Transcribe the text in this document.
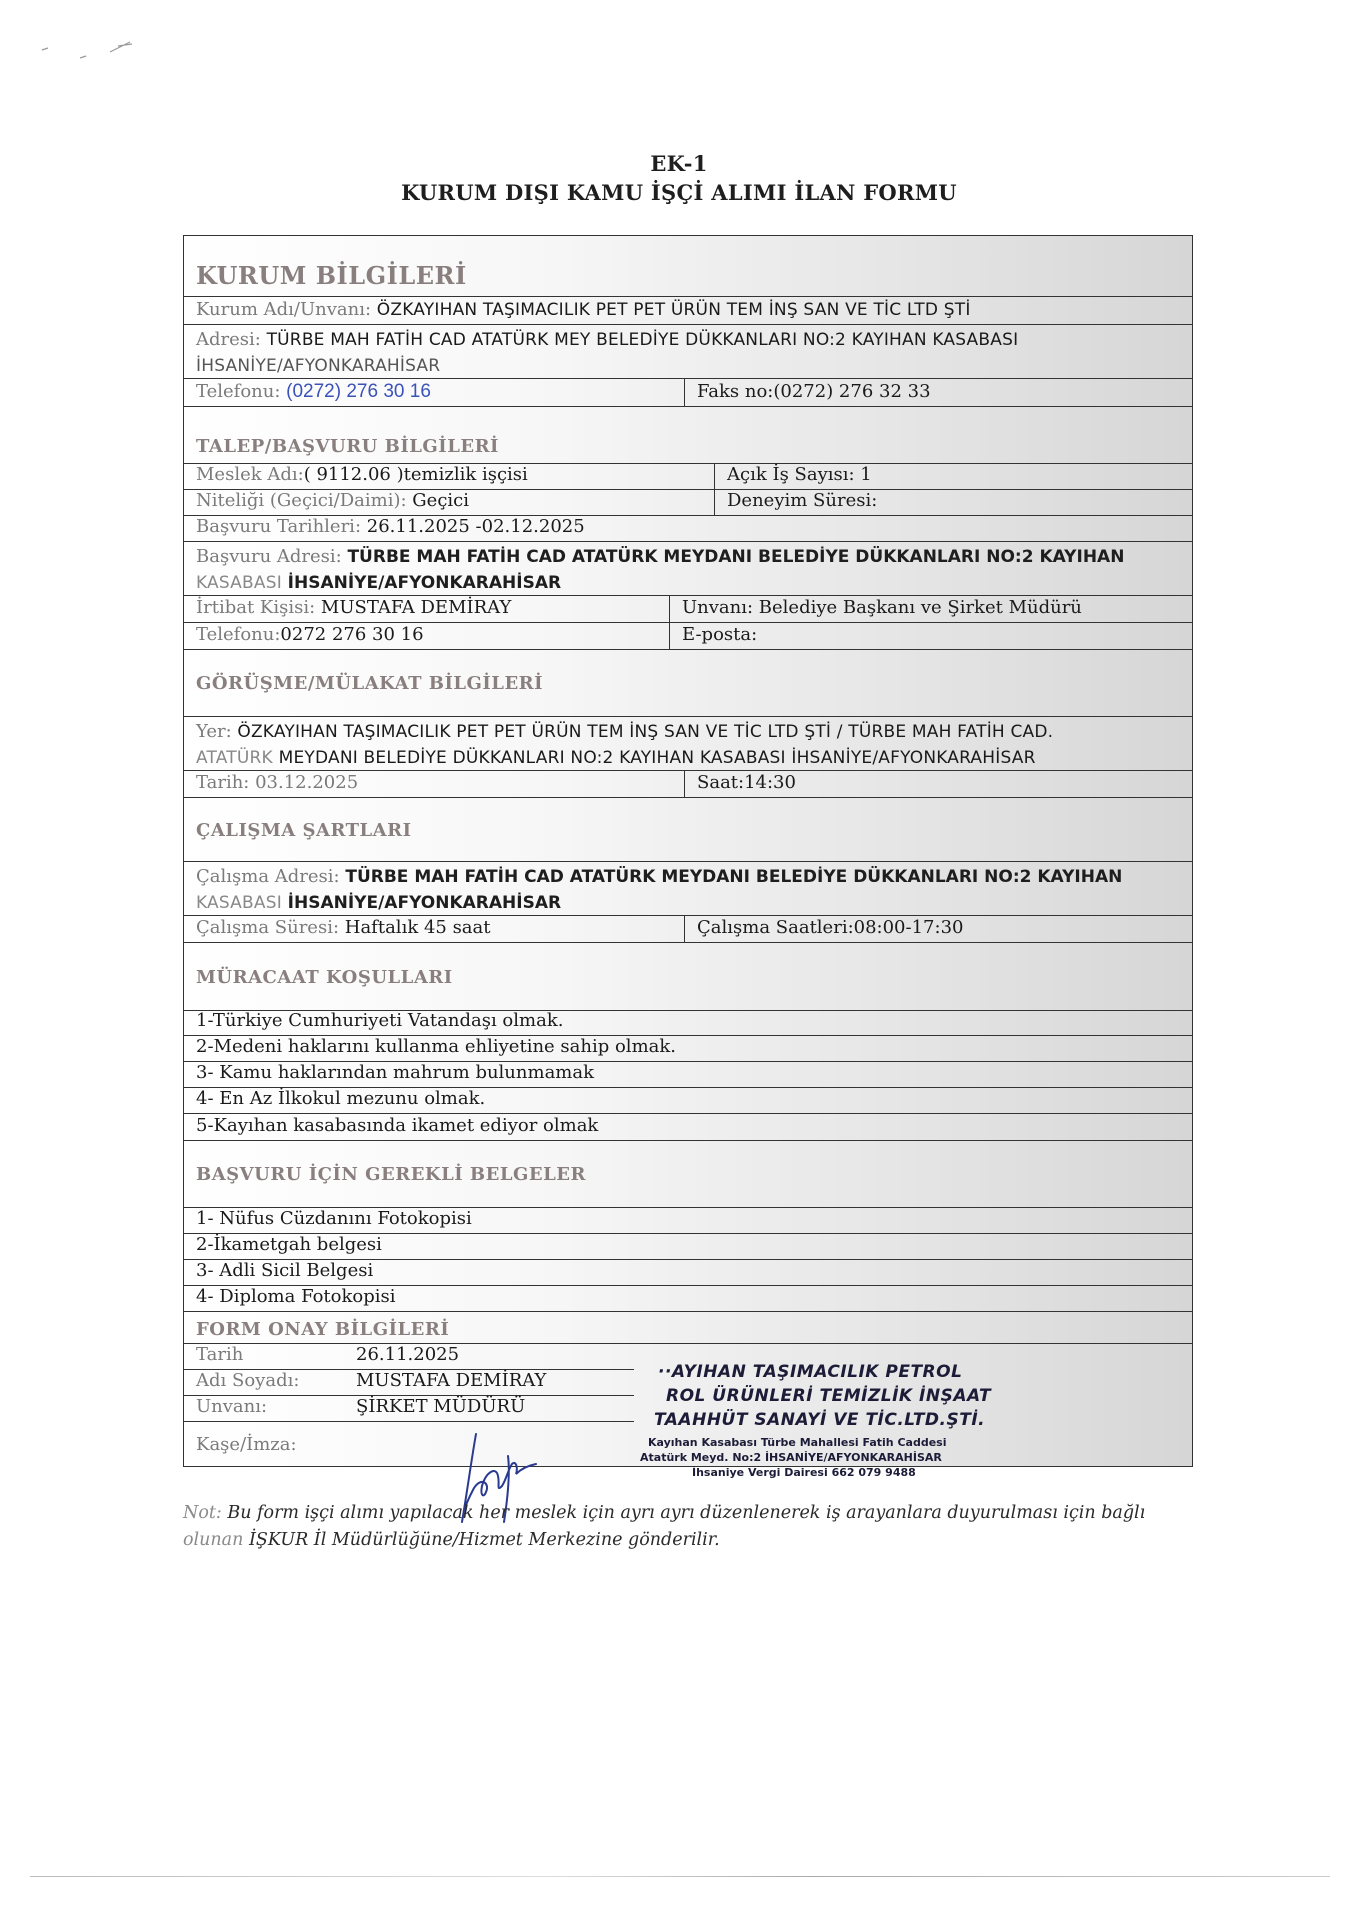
EK-1
KURUM DIŞI KAMU İŞÇİ ALIMI İLAN FORMU
KURUM BİLGİLERİ
Kurum Adı/Unvanı:
ÖZKAYIHAN TAŞIMACILIK PET PET ÜRÜN TEM İNŞ SAN VE TİC LTD ŞTİ
Adresi: TÜRBE MAH FATİH CAD ATATÜRK MEY BELEDİYE DÜKKANLARI NO:2 KAYIHAN KASABASI
İHSANİYE/AFYONKARAHİSAR
Telefonu:
(0272) 276 30 16	Faks no:(0272) 276 32 33
TALEP/BAŞVURU BİLGİLERİ
Meslek Adı: ( 9112.06 )temizlik işçisi	Açık İş Sayısı: 1
Niteliği (Geçici/Daimi):
Geçici	Deneyim Süresi:
Başvuru Tarihleri:
26.11.2025 -02.12.2025
Başvuru Adresi: TÜRBE MAH FATİH CAD ATATÜRK MEYDANI BELEDİYE DÜKKANLARI NO:2 KAYIHAN
KASABASI İHSANİYE/AFYONKARAHİSAR
İrtibat Kişisi:
MUSTAFA DEMİRAY	Unvanı: Belediye Başkanı ve Şirket Müdürü
Telefonu: 0272 276 30 16	E-posta:
GÖRÜŞME/MÜLAKAT BİLGİLERİ
Yer: ÖZKAYIHAN TAŞIMACILIK PET PET ÜRÜN TEM İNŞ SAN VE TİC LTD ŞTİ / TÜRBE MAH FATİH CAD.
ATATÜRK MEYDANI BELEDİYE DÜKKANLARI NO:2 KAYIHAN KASABASI İHSANİYE/AFYONKARAHİSAR
Tarih:
03.12.2025	Saat:14:30
ÇALIŞMA ŞARTLARI
Çalışma Adresi: TÜRBE MAH FATİH CAD ATATÜRK MEYDANI BELEDİYE DÜKKANLARI NO:2 KAYIHAN
KASABASI İHSANİYE/AFYONKARAHİSAR
Çalışma Süresi:
Haftalık 45 saat	Çalışma Saatleri:08:00-17:30
MÜRACAAT KOŞULLARI
1-Türkiye Cumhuriyeti Vatandaşı olmak.
2-Medeni haklarını kullanma ehliyetine sahip olmak.
3- Kamu haklarından mahrum bulunmamak
4- En Az İlkokul mezunu olmak.
5-Kayıhan kasabasında ikamet ediyor olmak
BAŞVURU İÇİN GEREKLİ BELGELER
1- Nüfus Cüzdanını Fotokopisi
2-İkametgah belgesi
3- Adli Sicil Belgesi
4- Diploma Fotokopisi
FORM ONAY BİLGİLERİ
Tarih	26.11.2025
Adı Soyadı:	MUSTAFA DEMİRAY
Unvanı:	ŞİRKET MÜDÜRÜ
Kaşe/İmza:
··AYIHAN TAŞIMACILIK PETROL
ROL ÜRÜNLERİ TEMİZLİK İNŞAAT
TAAHHÜT SANAYİ VE TİC.LTD.ŞTİ.
Kayıhan Kasabası Türbe Mahallesi Fatih Caddesi
Atatürk Meyd. No:2 İHSANİYE/AFYONKARAHİSAR
İhsaniye Vergi Dairesi 662 079 9488
Not: Bu form işçi alımı yapılacak her meslek için ayrı ayrı düzenlenerek iş arayanlara duyurulması için bağlı
olunan İŞKUR İl Müdürlüğüne/Hizmet Merkezine gönderilir.
